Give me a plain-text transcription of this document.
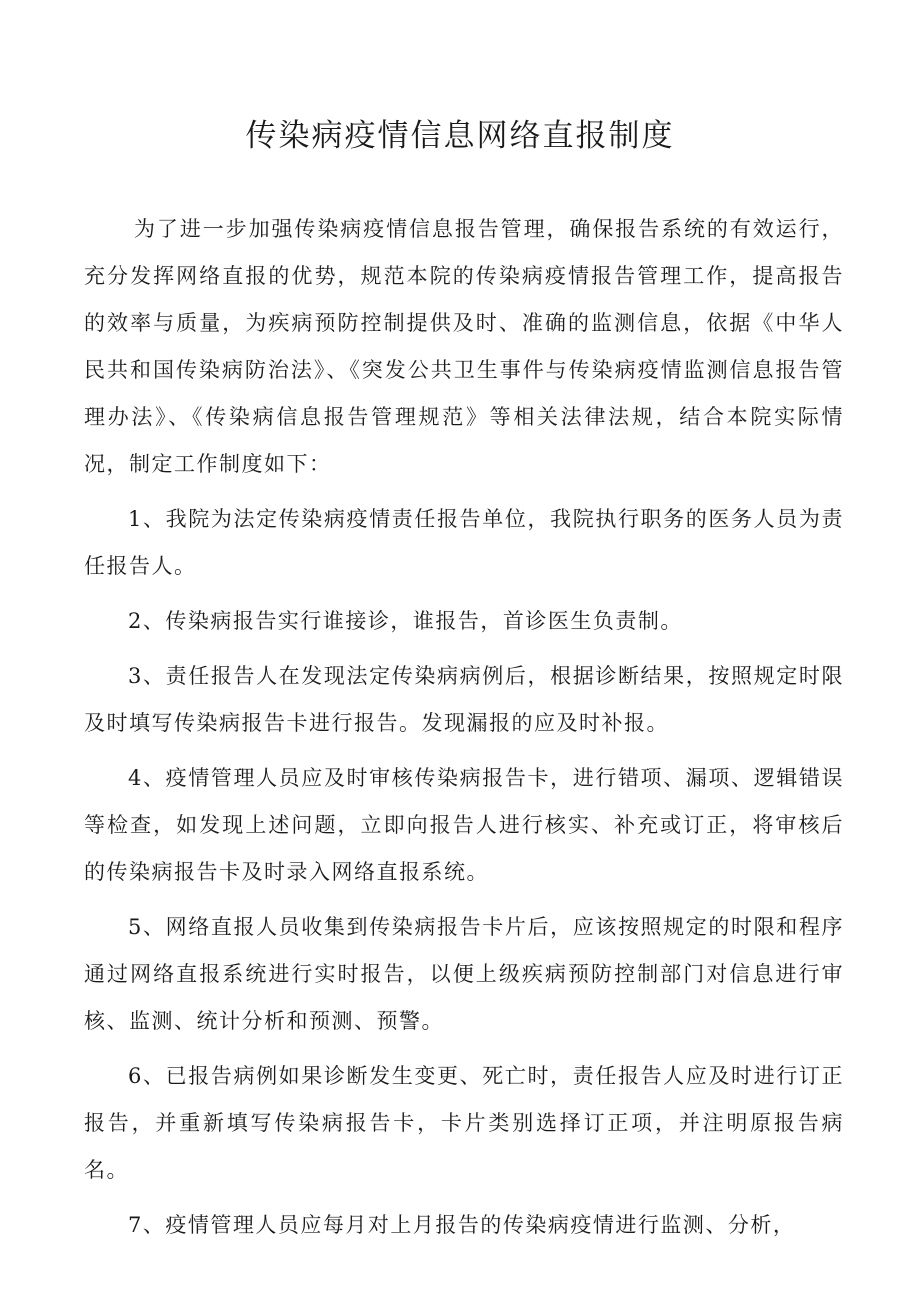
传染病疫情信息网络直报制度

为了进一步加强传染病疫情信息报告管理，确保报告系统的有效运行，充分发挥网络直报的优势，规范本院的传染病疫情报告管理工作，提高报告的效率与质量，为疾病预防控制提供及时、准确的监测信息，依据《中华人民共和国传染病防治法》、《突发公共卫生事件与传染病疫情监测信息报告管理办法》、《传染病信息报告管理规范》等相关法律法规，结合本院实际情况，制定工作制度如下：

1、我院为法定传染病疫情责任报告单位，我院执行职务的医务人员为责任报告人。

2、传染病报告实行谁接诊，谁报告，首诊医生负责制。

3、责任报告人在发现法定传染病病例后，根据诊断结果，按照规定时限及时填写传染病报告卡进行报告。发现漏报的应及时补报。

4、疫情管理人员应及时审核传染病报告卡，进行错项、漏项、逻辑错误等检查，如发现上述问题，立即向报告人进行核实、补充或订正，将审核后的传染病报告卡及时录入网络直报系统。

5、网络直报人员收集到传染病报告卡片后，应该按照规定的时限和程序通过网络直报系统进行实时报告，以便上级疾病预防控制部门对信息进行审核、监测、统计分析和预测、预警。

6、已报告病例如果诊断发生变更、死亡时，责任报告人应及时进行订正报告，并重新填写传染病报告卡，卡片类别选择订正项，并注明原报告病名。

7、疫情管理人员应每月对上月报告的传染病疫情进行监测、分析，
